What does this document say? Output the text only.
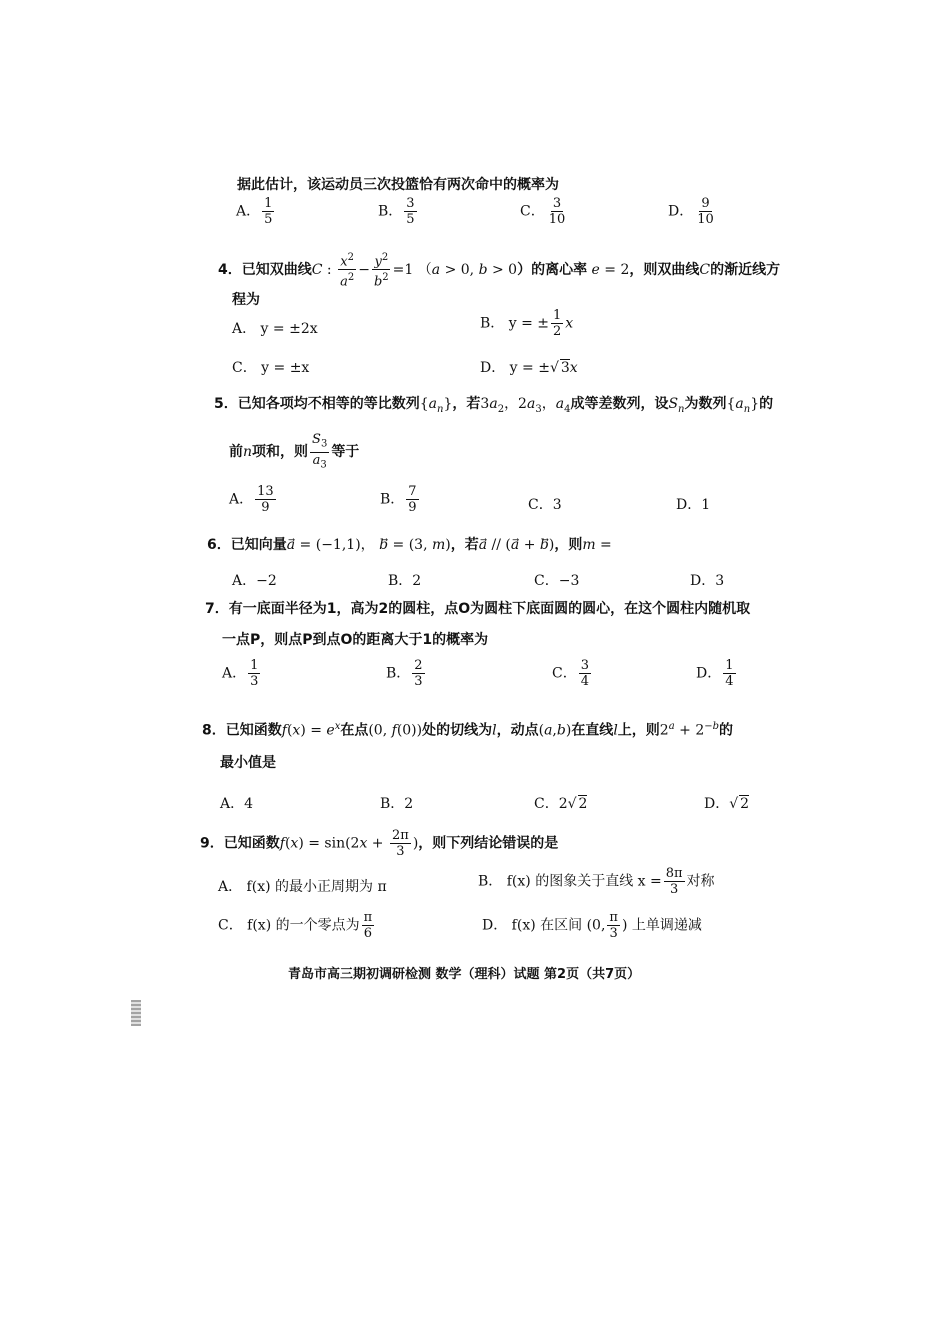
据此估计，该运动员三次投篮恰有两次命中的概率为
A． $\frac{1}{5}$	B． $\frac{3}{5}$	C． $\frac{3}{10}$	D． $\frac{9}{10}$
4．已知双曲线C : $\frac{x^2}{a^2} - \frac{y^2}{b^2} =1$ （a > 0, b > 0）的离心率 e = 2，则双曲线C的渐近线方
程为
A． y = ±2x	B． y = ± $\frac{1}{2}$ x
C． y = ±x	D． y = ±√ 3x
5．已知各项均不相等的等比数列$\{a_n\}$，若$3a_2$，$2a_3$，$a_4$成等差数列，设$S_n$为数列$\{a_n\}$的
前n项和，则 $\frac{S_3}{a_3}$ 等于
A． $\frac{13}{9}$	B． $\frac{7}{9}$	C．3	D．1
6．已知向量a⃗ = (−1,1)， b⃗ = (3, m)，若a⃗ // (a⃗ + b⃗)，则m =
A．−2	B．2	C．−3	D．3
7．有一底面半径为1，高为2的圆柱，点O为圆柱下底面圆的圆心，在这个圆柱内随机取
一点P，则点P到点O的距离大于1的概率为
A． $\frac{1}{3}$	B． $\frac{2}{3}$	C． $\frac{3}{4}$	D． $\frac{1}{4}$
8．已知函数$f(x) = e^x$在点(0, f(0))处的切线为l，动点(a,b)在直线l上，则$2^a + 2^{-b}$的
最小值是
A．4	B．2	C．2√ 2	D．√ 2
9．已知函数$f(x) = \sin(2x + \frac{2\pi}{3}$ )，则下列结论错误的是
A． f(x) 的最小正周期为 π	B． f(x) 的图象关于直线 $x = \frac{8\pi}{3}$ 对称
C． f(x) 的一个零点为 $\frac{\pi}{6}$	D． f(x) 在区间 (0, $\frac{\pi}{3}$ ) 上单调递减
青岛市高三期初调研检测 数学（理科）试题 第2页（共7页）
